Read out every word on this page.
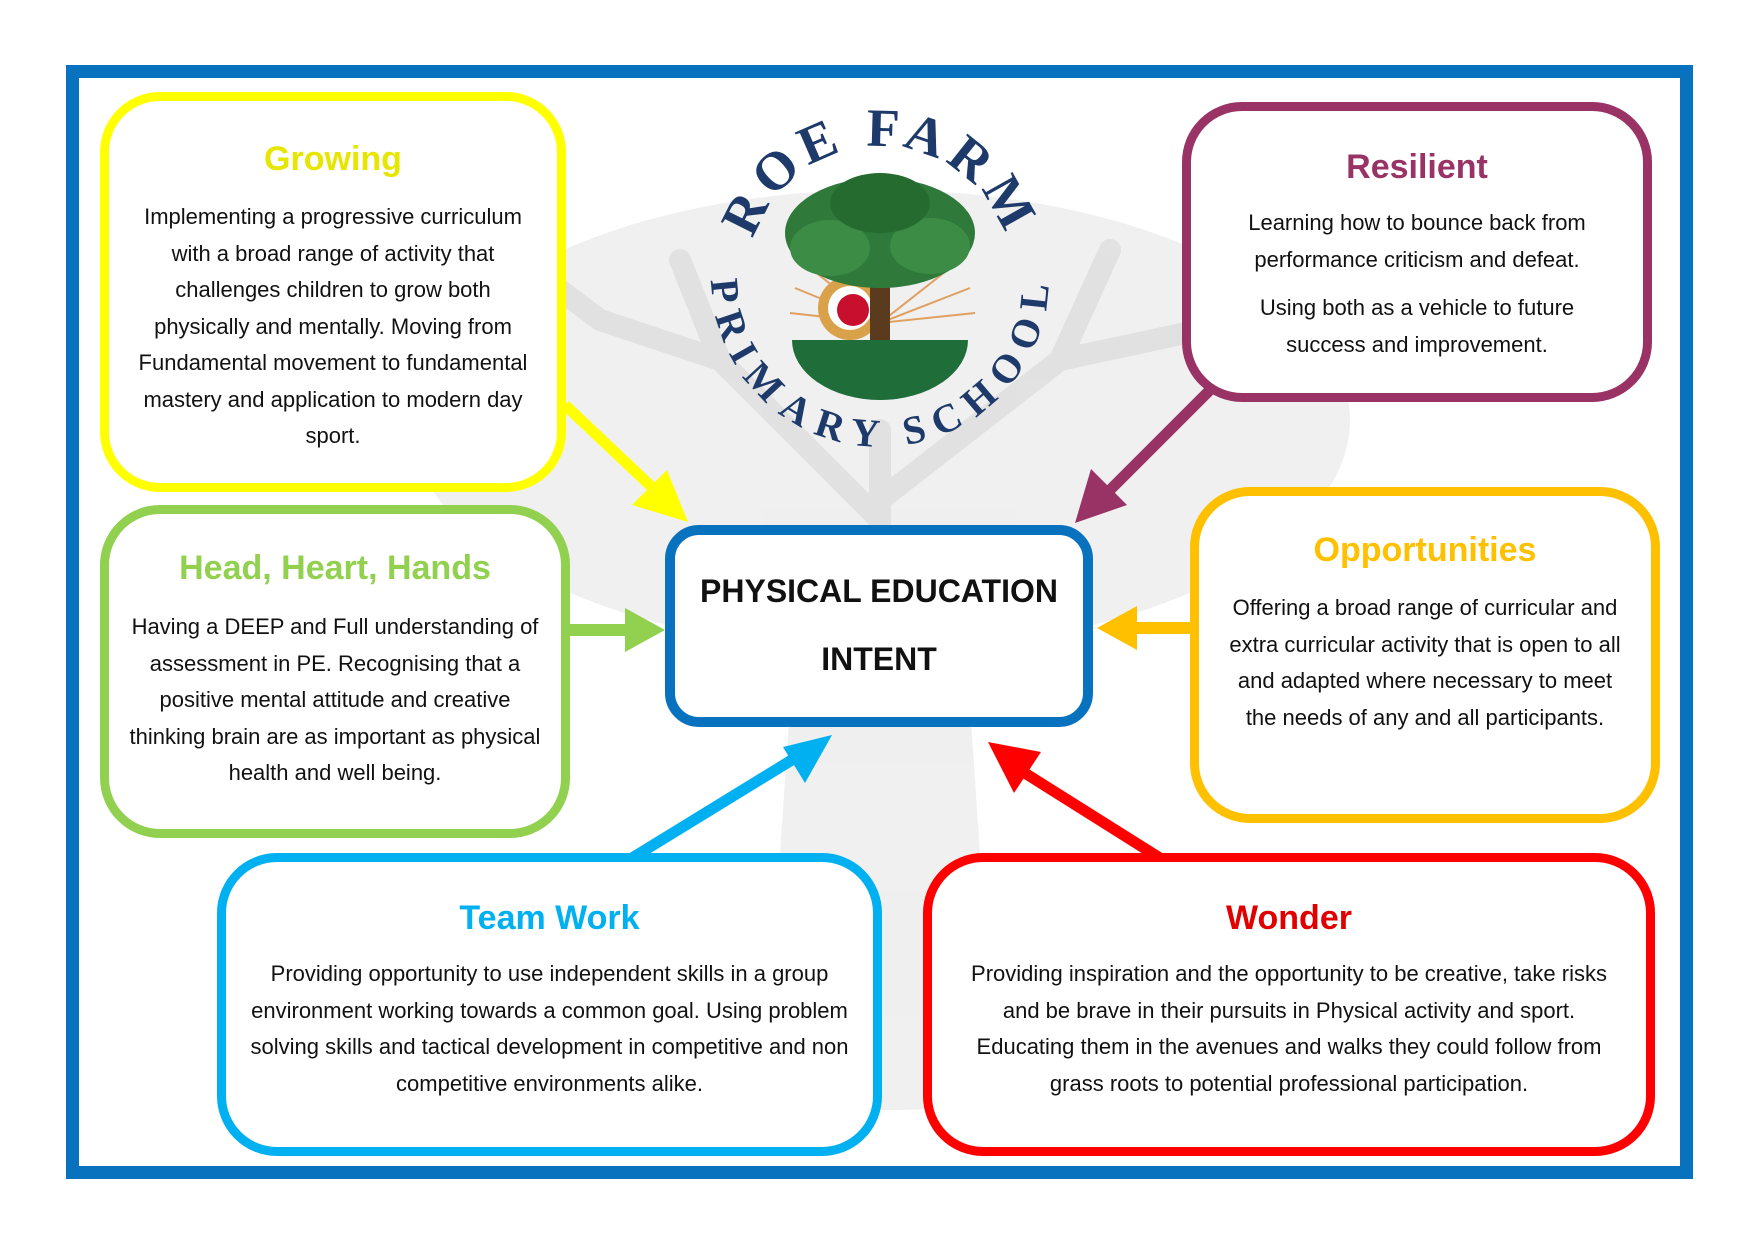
ROE FARM
PRIMARY SCHOOL
Growing
Implementing a progressive curriculum with a broad range of activity that challenges children to grow both physically and mentally. Moving from Fundamental movement to fundamental mastery and application to modern day sport.
Resilient

Learning how to bounce back from performance criticism and defeat.

Using both as a vehicle to future success and improvement.

Head, Heart, Hands
Having a DEEP and Full understanding of assessment in PE. Recognising that a positive mental attitude and creative thinking brain are as important as physical health and well being.
Opportunities
Offering a broad range of curricular and extra curricular activity that is open to all and adapted where necessary to meet the needs of any and all participants.
PHYSICAL EDUCATION
INTENT
Team Work
Providing opportunity to use independent skills in a group environment working towards a common goal. Using problem solving skills and tactical development in competitive and non competitive environments alike.
Wonder
Providing inspiration and the opportunity to be creative, take risks and be brave in their pursuits in Physical activity and sport. Educating them in the avenues and walks they could follow from grass roots to potential professional participation.
